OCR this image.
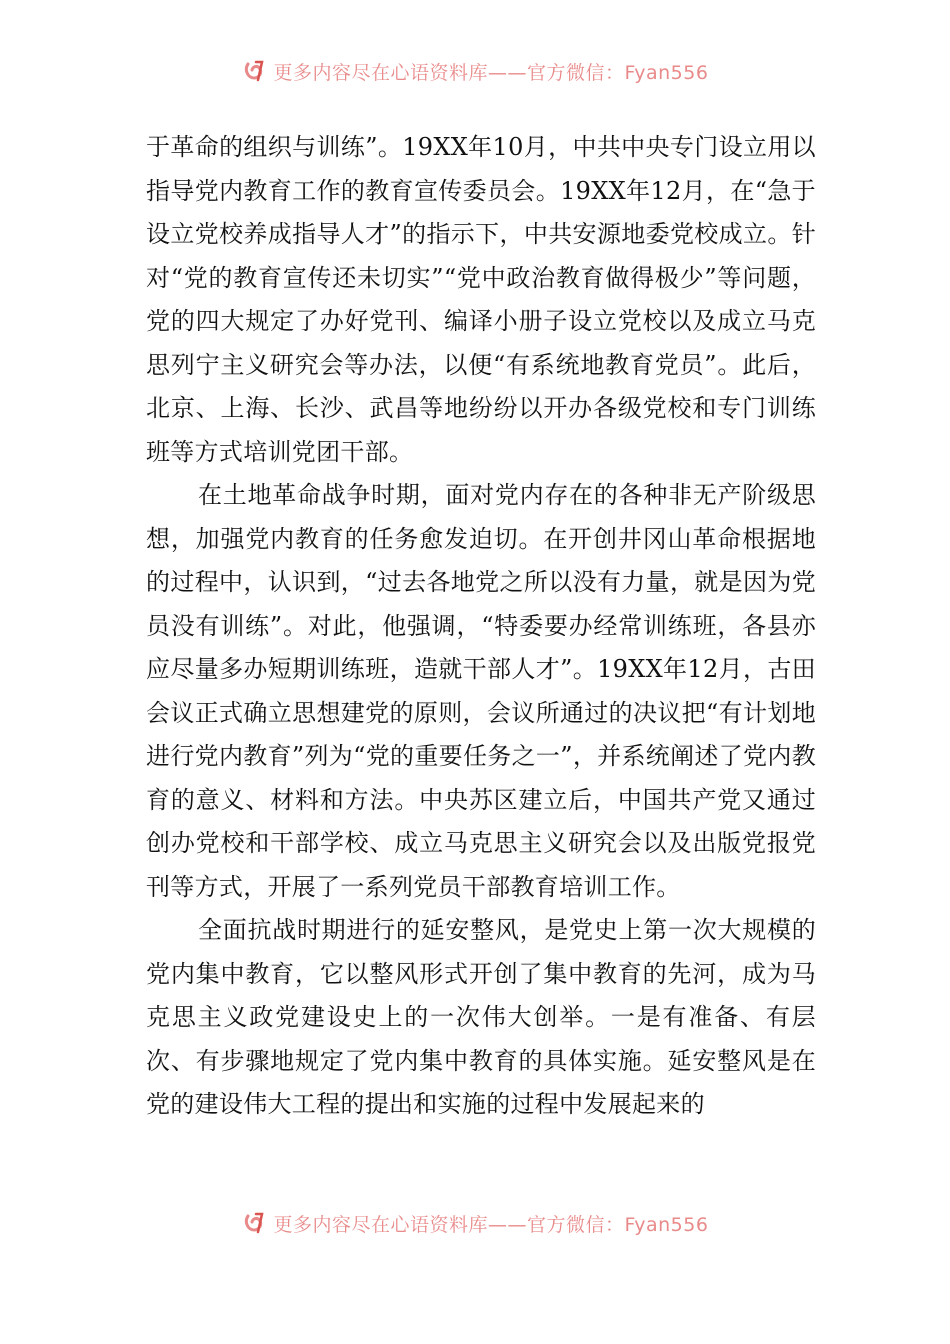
更多内容尽在心语资料库——官方微信：Fyan556

于革命的组织与训练”。19XX年10月，中共中央专门设立用以指导党内教育工作的教育宣传委员会。19XX年12月，在“急于设立党校养成指导人才”的指示下，中共安源地委党校成立。针对“党的教育宣传还未切实”“党中政治教育做得极少”等问题，党的四大规定了办好党刊、编译小册子设立党校以及成立马克思列宁主义研究会等办法，以便“有系统地教育党员”。此后，北京、上海、长沙、武昌等地纷纷以开办各级党校和专门训练班等方式培训党团干部。

在土地革命战争时期，面对党内存在的各种非无产阶级思想，加强党内教育的任务愈发迫切。在开创井冈山革命根据地的过程中，认识到，“过去各地党之所以没有力量，就是因为党员没有训练”。对此，他强调，“特委要办经常训练班，各县亦应尽量多办短期训练班，造就干部人才”。19XX年12月，古田会议正式确立思想建党的原则，会议所通过的决议把“有计划地进行党内教育”列为“党的重要任务之一”，并系统阐述了党内教育的意义、材料和方法。中央苏区建立后，中国共产党又通过创办党校和干部学校、成立马克思主义研究会以及出版党报党刊等方式，开展了一系列党员干部教育培训工作。

全面抗战时期进行的延安整风，是党史上第一次大规模的党内集中教育，它以整风形式开创了集中教育的先河，成为马克思主义政党建设史上的一次伟大创举。一是有准备、有层次、有步骤地规定了党内集中教育的具体实施。延安整风是在党的建设伟大工程的提出和实施的过程中发展起来的

更多内容尽在心语资料库——官方微信：Fyan556
